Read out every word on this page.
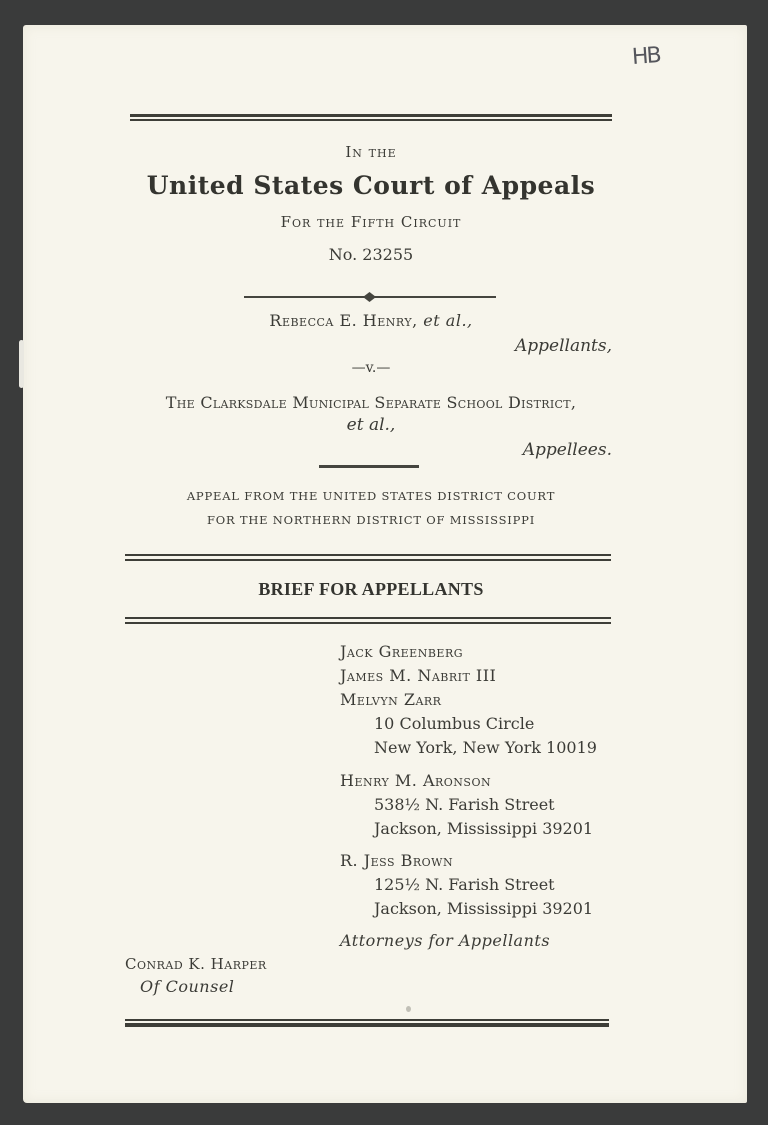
HB
In the
United States Court of Appeals
For the Fifth Circuit
No. 23255
Rebecca E. Henry, et al.,
Appellants,
—v.—
The Clarksdale Municipal Separate School District,
et al.,
Appellees.
APPEAL FROM THE UNITED STATES DISTRICT COURT
FOR THE NORTHERN DISTRICT OF MISSISSIPPI
BRIEF FOR APPELLANTS
Jack Greenberg
James M. Nabrit III
Melvyn Zarr
10 Columbus Circle
New York, New York 10019
Henry M. Aronson
538½ N. Farish Street
Jackson, Mississippi 39201
R. Jess Brown
125½ N. Farish Street
Jackson, Mississippi 39201
Attorneys for Appellants
Conrad K. Harper
Of Counsel
